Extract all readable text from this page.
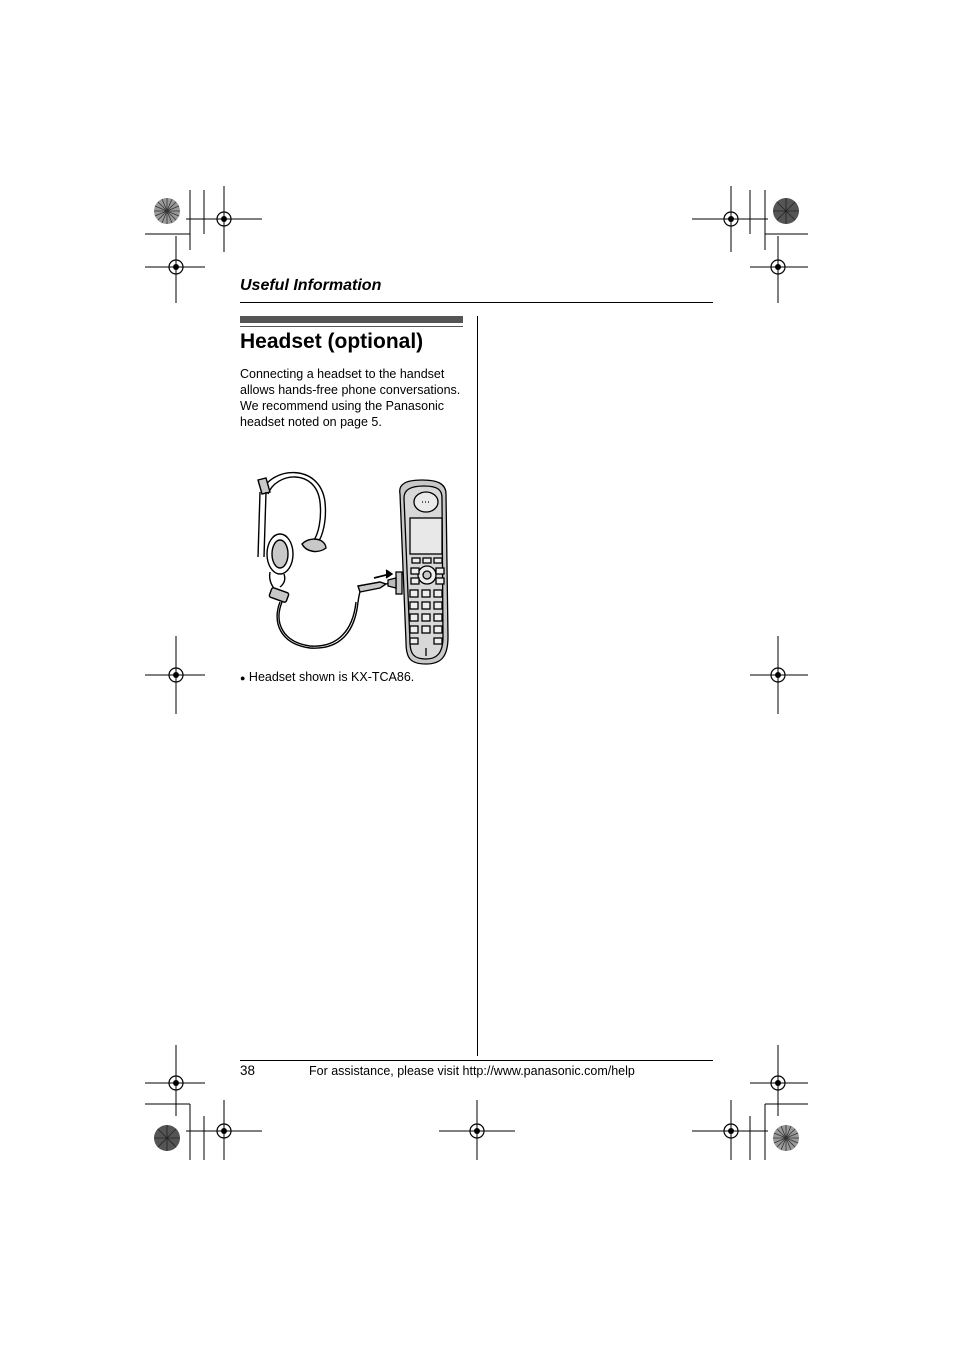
Useful Information
Headset (optional)
Connecting a headset to the handset allows hands-free phone conversations. We recommend using the Panasonic headset noted on page 5.
● Headset shown is KX-TCA86.
38	For assistance, please visit http://www.panasonic.com/help
